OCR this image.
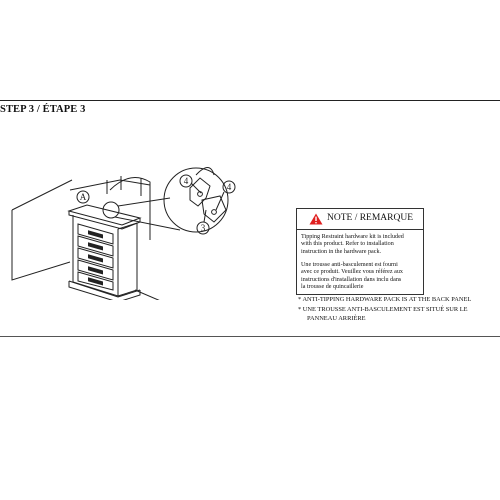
STEP 3 / ÉTAPE 3
A
4
4
3
NOTE / REMARQUE
Tipping Restraint hardware kit is included
with this product. Refer to installation
instruction in the hardware pack.
Une trousse anti-basculement est fourni
avec ce produit. Veuillez vous référez aux
instructions d'installation dans inclu dans
la trousse de quincaillerie
* ANTI-TIPPING HARDWARE PACK IS AT THE BACK PANEL
* UNE TROUSSE ANTI-BASCULEMENT EST SITUÉ SUR LE
PANNEAU ARRIÈRE
